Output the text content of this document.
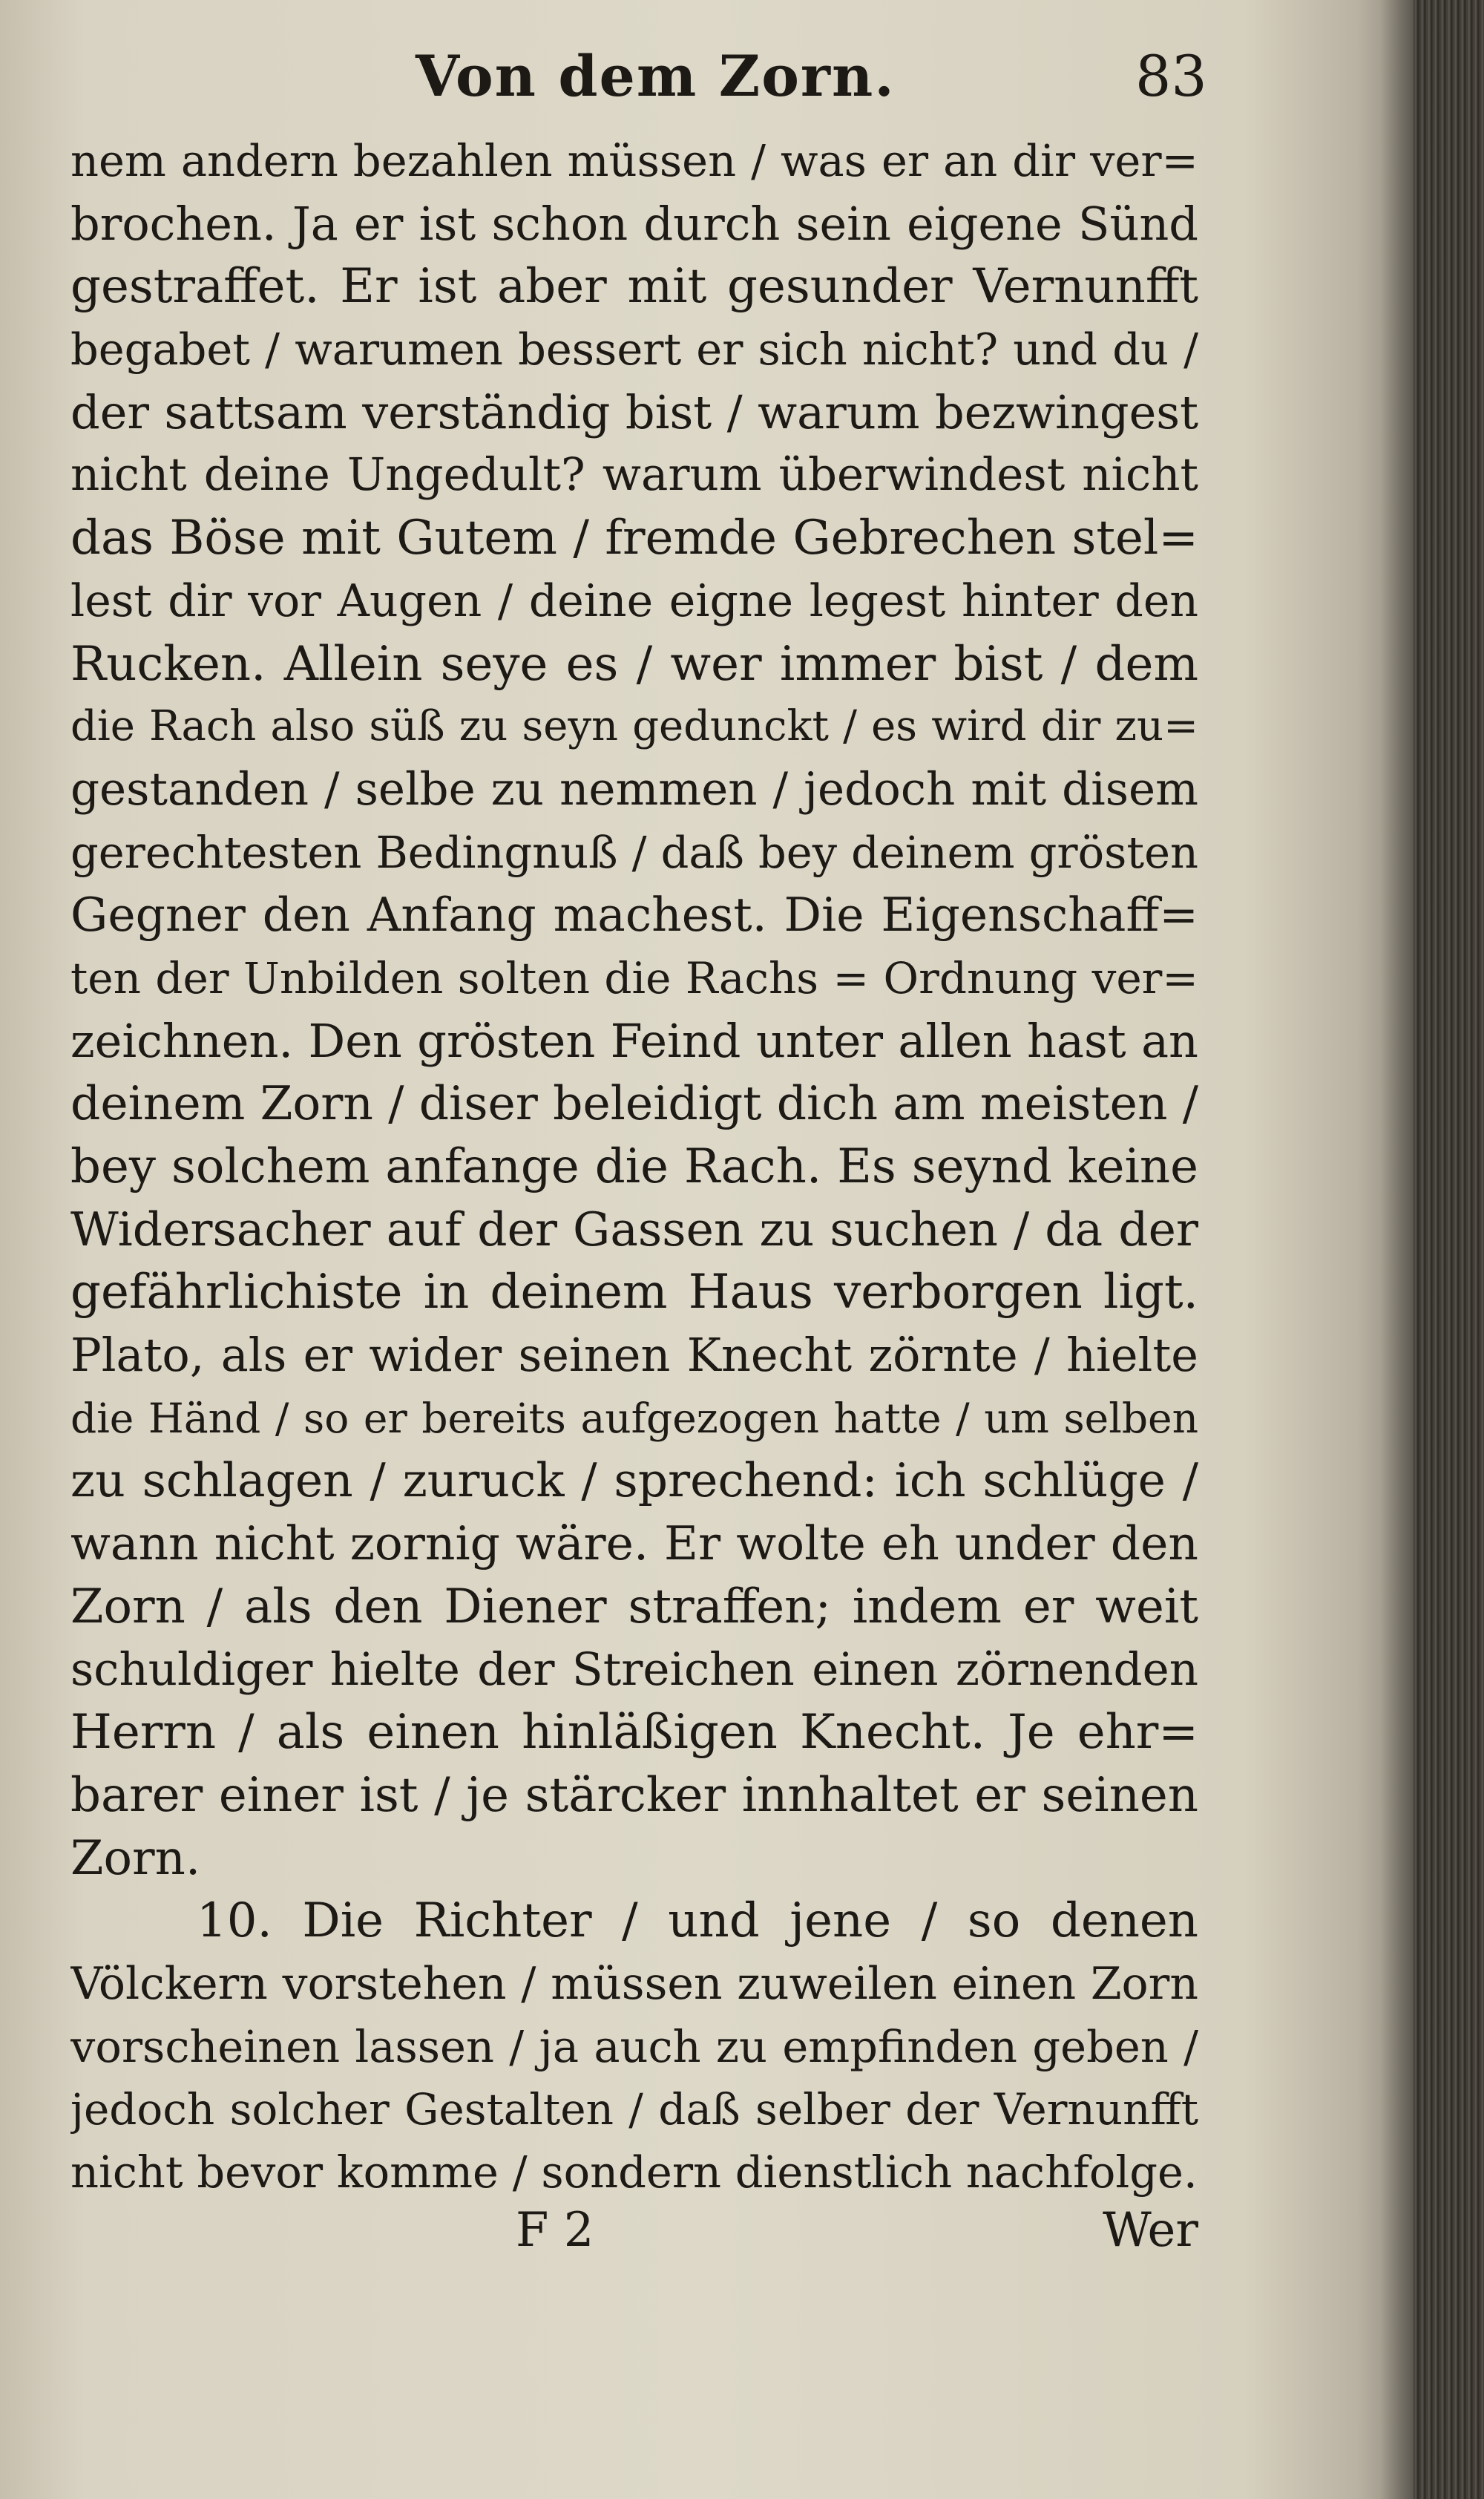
Von dem Zorn.	83
nem andern bezahlen müssen / was er an dir ver=
brochen. Ja er ist schon durch sein eigene Sünd
gestraffet. Er ist aber mit gesunder Vernunfft
begabet / warumen bessert er sich nicht? und du /
der sattsam verständig bist / warum bezwingest
nicht deine Ungedult? warum überwindest nicht
das Böse mit Gutem / fremde Gebrechen stel=
lest dir vor Augen / deine eigne legest hinter den
Rucken. Allein seye es / wer immer bist / dem
die Rach also süß zu seyn gedunckt / es wird dir zu=
gestanden / selbe zu nemmen / jedoch mit disem
gerechtesten Bedingnuß / daß bey deinem grösten
Gegner den Anfang machest. Die Eigenschaff=
ten der Unbilden solten die Rachs = Ordnung ver=
zeichnen. Den grösten Feind unter allen hast an
deinem Zorn / diser beleidigt dich am meisten /
bey solchem anfange die Rach. Es seynd keine
Widersacher auf der Gassen zu suchen / da der
gefährlichiste in deinem Haus verborgen ligt.
Plato, als er wider seinen Knecht zörnte / hielte
die Händ / so er bereits aufgezogen hatte / um selben
zu schlagen / zuruck / sprechend: ich schlüge /
wann nicht zornig wäre. Er wolte eh under den
Zorn / als den Diener straffen; indem er weit
schuldiger hielte der Streichen einen zörnenden
Herrn / als einen hinläßigen Knecht. Je ehr=
barer einer ist / je stärcker innhaltet er seinen
Zorn.
10. Die Richter / und jene / so denen
Völckern vorstehen / müssen zuweilen einen Zorn
vorscheinen lassen / ja auch zu empfinden geben /
jedoch solcher Gestalten / daß selber der Vernunfft
nicht bevor komme / sondern dienstlich nachfolge.
F 2	Wer
